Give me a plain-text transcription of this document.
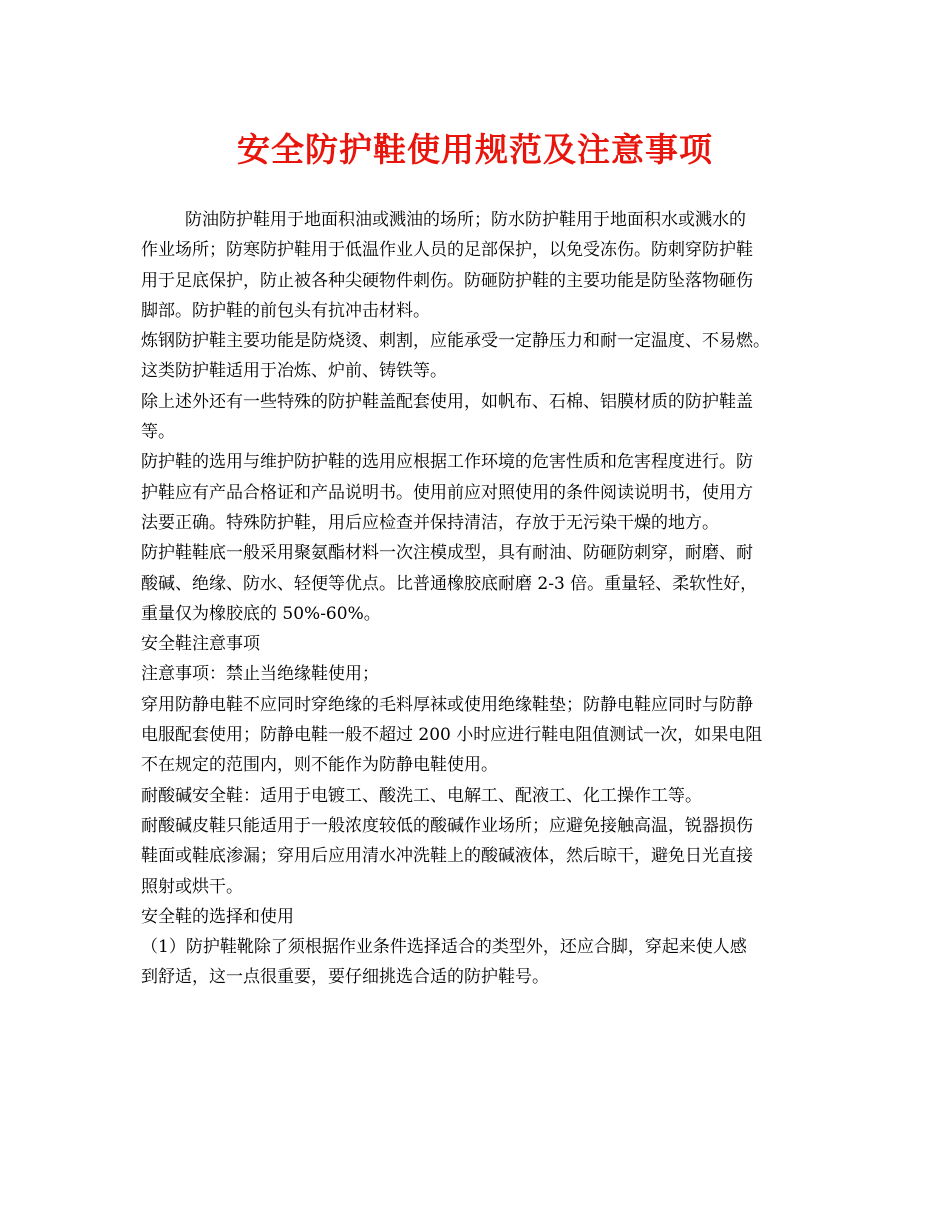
安全防护鞋使用规范及注意事项
防油防护鞋用于地面积油或溅油的场所；防水防护鞋用于地面积水或溅水的
作业场所；防寒防护鞋用于低温作业人员的足部保护，以免受冻伤。防刺穿防护鞋
用于足底保护，防止被各种尖硬物件刺伤。防砸防护鞋的主要功能是防坠落物砸伤
脚部。防护鞋的前包头有抗冲击材料。
炼钢防护鞋主要功能是防烧烫、刺割，应能承受一定静压力和耐一定温度、不易燃。
这类防护鞋适用于冶炼、炉前、铸铁等。
除上述外还有一些特殊的防护鞋盖配套使用，如帆布、石棉、铝膜材质的防护鞋盖
等。
防护鞋的选用与维护防护鞋的选用应根据工作环境的危害性质和危害程度进行。防
护鞋应有产品合格证和产品说明书。使用前应对照使用的条件阅读说明书，使用方
法要正确。特殊防护鞋，用后应检查并保持清洁，存放于无污染干燥的地方。
防护鞋鞋底一般采用聚氨酯材料一次注模成型，具有耐油、防砸防刺穿，耐磨、耐
酸碱、绝缘、防水、轻便等优点。比普通橡胶底耐磨 2-3 倍。重量轻、柔软性好，
重量仅为橡胶底的 50%-60%。
安全鞋注意事项
注意事项：禁止当绝缘鞋使用；
穿用防静电鞋不应同时穿绝缘的毛料厚袜或使用绝缘鞋垫；防静电鞋应同时与防静
电服配套使用；防静电鞋一般不超过 200 小时应进行鞋电阻值测试一次，如果电阻
不在规定的范围内，则不能作为防静电鞋使用。
耐酸碱安全鞋：适用于电镀工、酸洗工、电解工、配液工、化工操作工等。
耐酸碱皮鞋只能适用于一般浓度较低的酸碱作业场所；应避免接触高温，锐器损伤
鞋面或鞋底渗漏；穿用后应用清水冲洗鞋上的酸碱液体，然后晾干，避免日光直接
照射或烘干。
安全鞋的选择和使用
（1）防护鞋靴除了须根据作业条件选择适合的类型外，还应合脚，穿起来使人感
到舒适，这一点很重要，要仔细挑选合适的防护鞋号。
